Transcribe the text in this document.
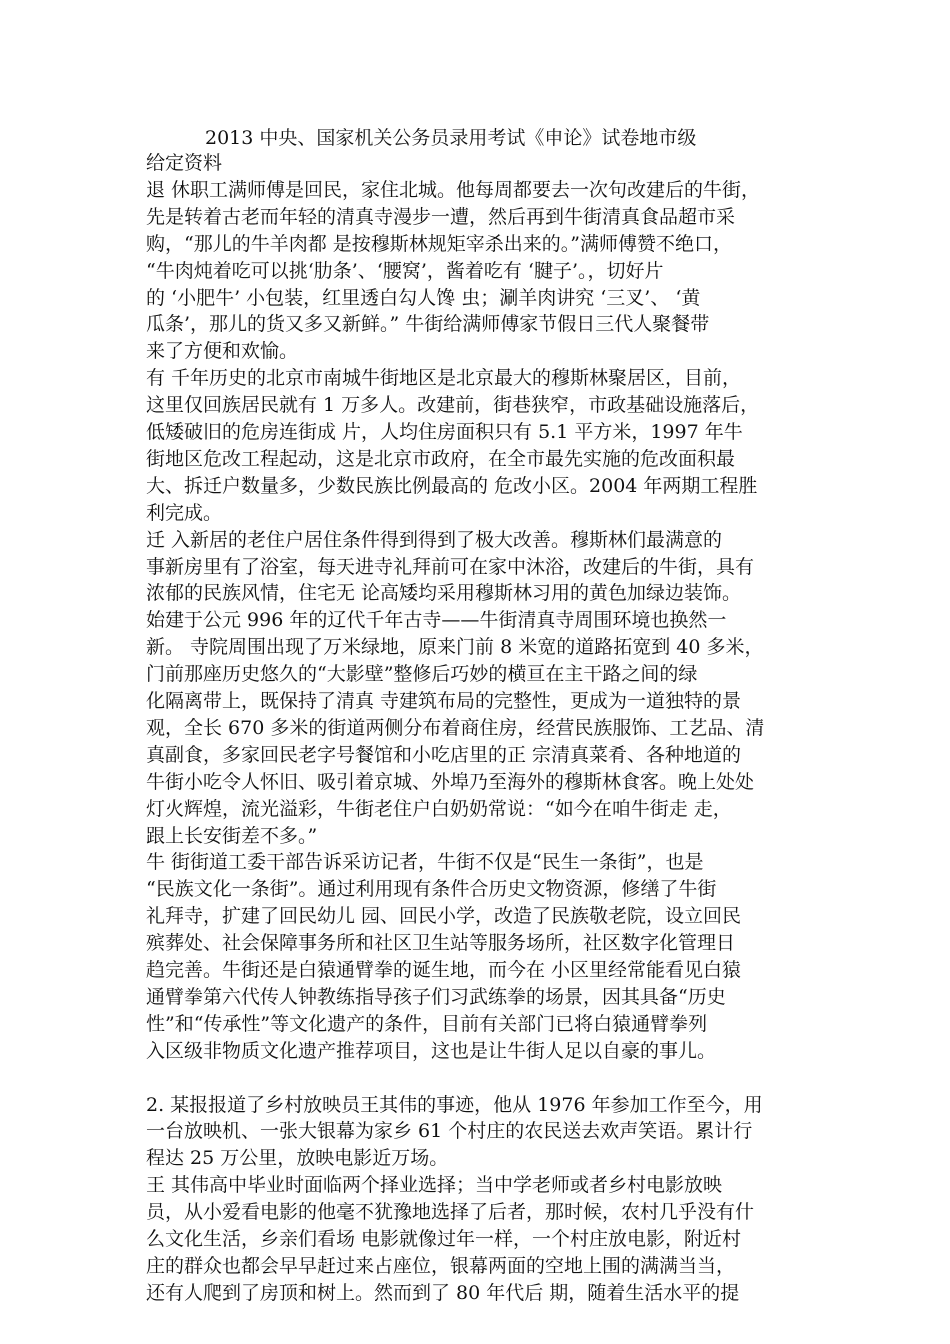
2013 中央、国家机关公务员录用考试《申论》试卷地市级
给定资料
退 休职工满师傅是回民，家住北城。他每周都要去一次句改建后的牛街，
先是转着古老而年轻的清真寺漫步一遭，然后再到牛街清真食品超市采
购，“那儿的牛羊肉都 是按穆斯林规矩宰杀出来的。”满师傅赞不绝口，
“牛肉炖着吃可以挑‘肋条’、‘腰窝’，酱着吃有 ‘腱子’。，切好片
的 ‘小肥牛’ 小包装，红里透白勾人馋 虫；涮羊肉讲究 ‘三叉’、 ‘黄
瓜条’，那儿的货又多又新鲜。” 牛街给满师傅家节假日三代人聚餐带
来了方便和欢愉。
有 千年历史的北京市南城牛街地区是北京最大的穆斯林聚居区，目前，
这里仅回族居民就有 1 万多人。改建前，街巷狭窄，市政基础设施落后，
低矮破旧的危房连街成 片，人均住房面积只有 5.1 平方米，1997 年牛
街地区危改工程起动，这是北京市政府，在全市最先实施的危改面积最
大、拆迁户数量多，少数民族比例最高的 危改小区。2004 年两期工程胜
利完成。
迁 入新居的老住户居住条件得到得到了极大改善。穆斯林们最满意的
事新房里有了浴室，每天进寺礼拜前可在家中沐浴，改建后的牛街，具有
浓郁的民族风情，住宅无 论高矮均采用穆斯林习用的黄色加绿边装饰。
始建于公元 996 年的辽代千年古寺——牛街清真寺周围环境也换然一
新。 寺院周围出现了万米绿地，原来门前 8 米宽的道路拓宽到 40 多米，
门前那座历史悠久的“大影壁”整修后巧妙的横亘在主干路之间的绿
化隔离带上，既保持了清真 寺建筑布局的完整性，更成为一道独特的景
观，全长 670 多米的街道两侧分布着商住房，经营民族服饰、工艺品、清
真副食，多家回民老字号餐馆和小吃店里的正 宗清真菜肴、各种地道的
牛街小吃令人怀旧、吸引着京城、外埠乃至海外的穆斯林食客。晚上处处
灯火辉煌，流光溢彩，牛街老住户白奶奶常说：“如今在咱牛街走 走，
跟上长安街差不多。”
牛 街街道工委干部告诉采访记者，牛街不仅是“民生一条街”，也是
“民族文化一条街”。通过利用现有条件合历史文物资源，修缮了牛街
礼拜寺，扩建了回民幼儿 园、回民小学，改造了民族敬老院，设立回民
殡葬处、社会保障事务所和社区卫生站等服务场所，社区数字化管理日
趋完善。牛街还是白猿通臂拳的诞生地，而今在 小区里经常能看见白猿
通臂拳第六代传人钟教练指导孩子们习武练拳的场景，因其具备“历史
性”和“传承性”等文化遗产的条件，目前有关部门已将白猿通臂拳列
入区级非物质文化遗产推荐项目，这也是让牛街人足以自豪的事儿。
2. 某报报道了乡村放映员王其伟的事迹，他从 1976 年参加工作至今，用
一台放映机、一张大银幕为家乡 61 个村庄的农民送去欢声笑语。累计行
程达 25 万公里，放映电影近万场。
王 其伟高中毕业时面临两个择业选择；当中学老师或者乡村电影放映
员，从小爱看电影的他毫不犹豫地选择了后者，那时候，农村几乎没有什
么文化生活，乡亲们看场 电影就像过年一样，一个村庄放电影，附近村
庄的群众也都会早早赶过来占座位，银幕两面的空地上围的满满当当，
还有人爬到了房顶和树上。然而到了 80 年代后 期，随着生活水平的提
